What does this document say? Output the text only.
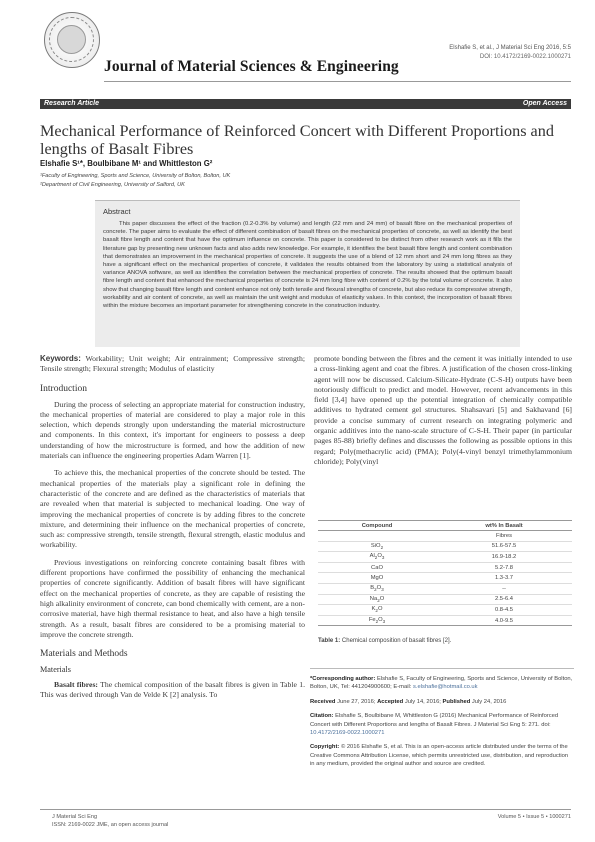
Elshafie S, et al., J Material Sci Eng 2016, 5:5
DOI: 10.4172/2169-0022.1000271
Journal of Material Sciences & Engineering
Research Article	Open Access
Mechanical Performance of Reinforced Concert with Different Proportions and lengths of Basalt Fibres
Elshafie S¹*, Boulbibane M¹ and Whittleston G²
¹Faculty of Engineering, Sports and Science, University of Bolton, Bolton, UK
²Department of Civil Engineering, University of Salford, UK
Abstract
This paper discusses the effect of the fraction (0.2-0.3% by volume) and length (22 mm and 24 mm) of basalt fibre on the mechanical properties of concrete. The paper aims to evaluate the effect of different combination of basalt fibres on the mechanical properties of concrete, as well as identify the best basalt fibre length and content that have the optimum influence on concrete. This paper is considered to be distinct from other research work as it fills the literature gap by presenting new unknown facts and also adds new knowledge. For example, it identifies the best basalt fibre length and content combination that demonstrates an improvement in the mechanical properties of concrete. It suggests the use of a blend of 12 mm short and 24 mm long fibres as they have a significant effect on the mechanical properties of concrete, it validates the results obtained from the laboratory by using a statistical analysis of variance ANOVA software, as well as identifies the correlation between the mechanical properties of concrete. The results showed that the optimum basalt fibre length and content that enhanced the mechanical properties of concrete is 24 mm long fibre with content of 0.2% by the total volume of concrete. It also show that changing basalt fibre length and content enhance not only both tensile and flexural strengths of concrete, but also reduce its compressive strength, workability and air content of concrete, as well as maintain the unit weight and modulus of elasticity values. In this context, the incorporation of basalt fibres within the mixture becomes an important parameter for strengthening concrete in the construction industry.
Keywords: Workability; Unit weight; Air entrainment; Compressive strength; Tensile strength; Flexural strength; Modulus of elasticity
Introduction
During the process of selecting an appropriate material for construction industry, the mechanical properties of material are considered to play a major role in this selection, which depends strongly upon understanding the material microstructure and components. In this context, it's important for engineers to possess a deep understanding of how the microstructure is formed, and how the addition of new materials can influence the engineering properties Adam Warren [1].
To achieve this, the mechanical properties of the concrete should be tested. The mechanical properties of the materials play a significant role in defining the characteristic of the concrete and are defined as the characteristics of materials that are revealed when that material is subjected to mechanical loading. One way of improving the mechanical properties of concrete is by adding fibres to the concrete mixture, and determining their influence on the mechanical properties of concrete, such as: compressive strength, tensile strength, flexural strength, elastic modulus and workability.
Previous investigations on reinforcing concrete containing basalt fibres with different proportions have confirmed the possibility of enhancing the mechanical properties of concrete significantly. Addition of basalt fibres will have significant effect on the mechanical properties of concrete, as they are capable of resisting the high alkalinity environment of concrete, can bond chemically with cement, are a non-corrosive material, have high thermal resistance to heat, and also have a high tensile strength. As a result, basalt fibres are considered to be a promising material to improve the concrete strength.
Materials and Methods
Materials
Basalt fibres: The chemical composition of the basalt fibres is given in Table 1. This was derived through Van de Velde K [2] analysis. To
promote bonding between the fibres and the cement it was initially intended to use a cross-linking agent and coat the fibres. A justification of the chosen cross-linking agent will now be discussed. Calcium-Silicate-Hydrate (C-S-H) outputs have been notoriously difficult to predict and model. However, recent advancements in this field [3,4] have opened up the potential integration of chemically compatible additives to hydrated cement gel structures. Shahsavari [5] and Sakhavand [6] provide a concise summary of current research on integrating polymeric and organic additives into the nano-scale structure of C-S-H. Their paper (in particular pages 85-88) briefly defines and discusses the following as possible options in this regard; Poly(methacrylic acid) (PMA); Poly(4-vinyl benzyl trimethylammonium chloride); Poly(vinyl
Compound	wt% In Basalt
Fibres
SiO$_2$	51.6-57.5
$Al_2O_3$	16.9-18.2
CaO	5.2-7.8
MgO	1.3-3.7
$B_2O_3$	--
$Na_2O$	2.5-6.4
$K_2O$	0.8-4.5
$Fe_2O_3$	4.0-9.5
Table 1: Chemical composition of basalt fibres [2].
*Corresponding author: Elshafie S, Faculty of Engineering, Sports and Science, University of Bolton, Bolton, UK, Tel: 441204900600; E-mail: s.elshafie@hotmail.co.uk
Received June 27, 2016; Accepted July 14, 2016; Published July 24, 2016
Citation: Elshafie S, Boulbibane M, Whittleston G (2016) Mechanical Performance of Reinforced Concert with Different Proportions and lengths of Basalt Fibres. J Material Sci Eng 5: 271. doi: 10.4172/2169-0022.1000271
Copyright: © 2016 Elshafie S, et al. This is an open-access article distributed under the terms of the Creative Commons Attribution License, which permits unrestricted use, distribution, and reproduction in any medium, provided the original author and source are credited.
J Material Sci Eng
ISSN: 2169-0022 JME, an open access journal
Volume 5 • Issue 5 • 1000271
